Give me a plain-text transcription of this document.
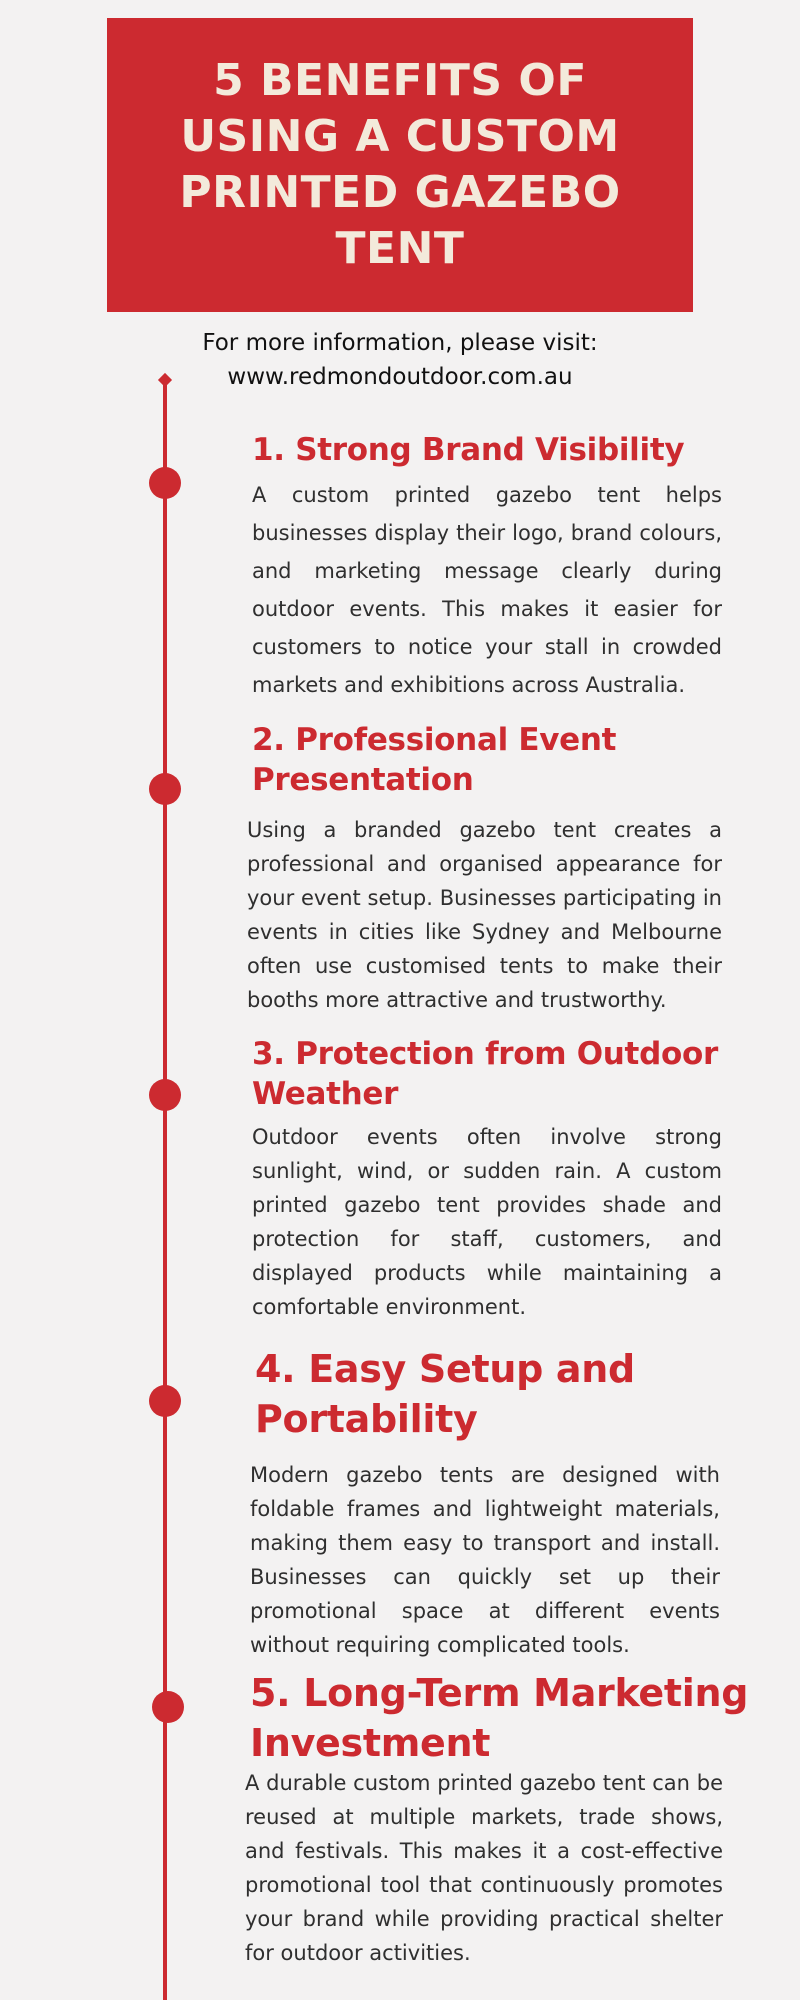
5 BENEFITS OF USING A CUSTOM PRINTED GAZEBO TENT
For more information, please visit:
www.redmondoutdoor.com.au
1. Strong Brand Visibility

A custom printed gazebo tent helps businesses display their logo, brand colours, and marketing message clearly during outdoor events. This makes it easier for customers to notice your stall in crowded markets and exhibitions across Australia.

2. Professional Event Presentation

Using a branded gazebo tent creates a professional and organised appearance for your event setup. Businesses participating in events in cities like Sydney and Melbourne often use customised tents to make their booths more attractive and trustworthy.

3. Protection from Outdoor Weather

Outdoor events often involve strong sunlight, wind, or sudden rain. A custom printed gazebo tent provides shade and protection for staff, customers, and displayed products while maintaining a comfortable environment.

4. Easy Setup and Portability

Modern gazebo tents are designed with foldable frames and lightweight materials, making them easy to transport and install. Businesses can quickly set up their promotional space at different events without requiring complicated tools.

5. Long-Term Marketing Investment

A durable custom printed gazebo tent can be reused at multiple markets, trade shows, and festivals. This makes it a cost-effective promotional tool that continuously promotes your brand while providing practical shelter for outdoor activities.
